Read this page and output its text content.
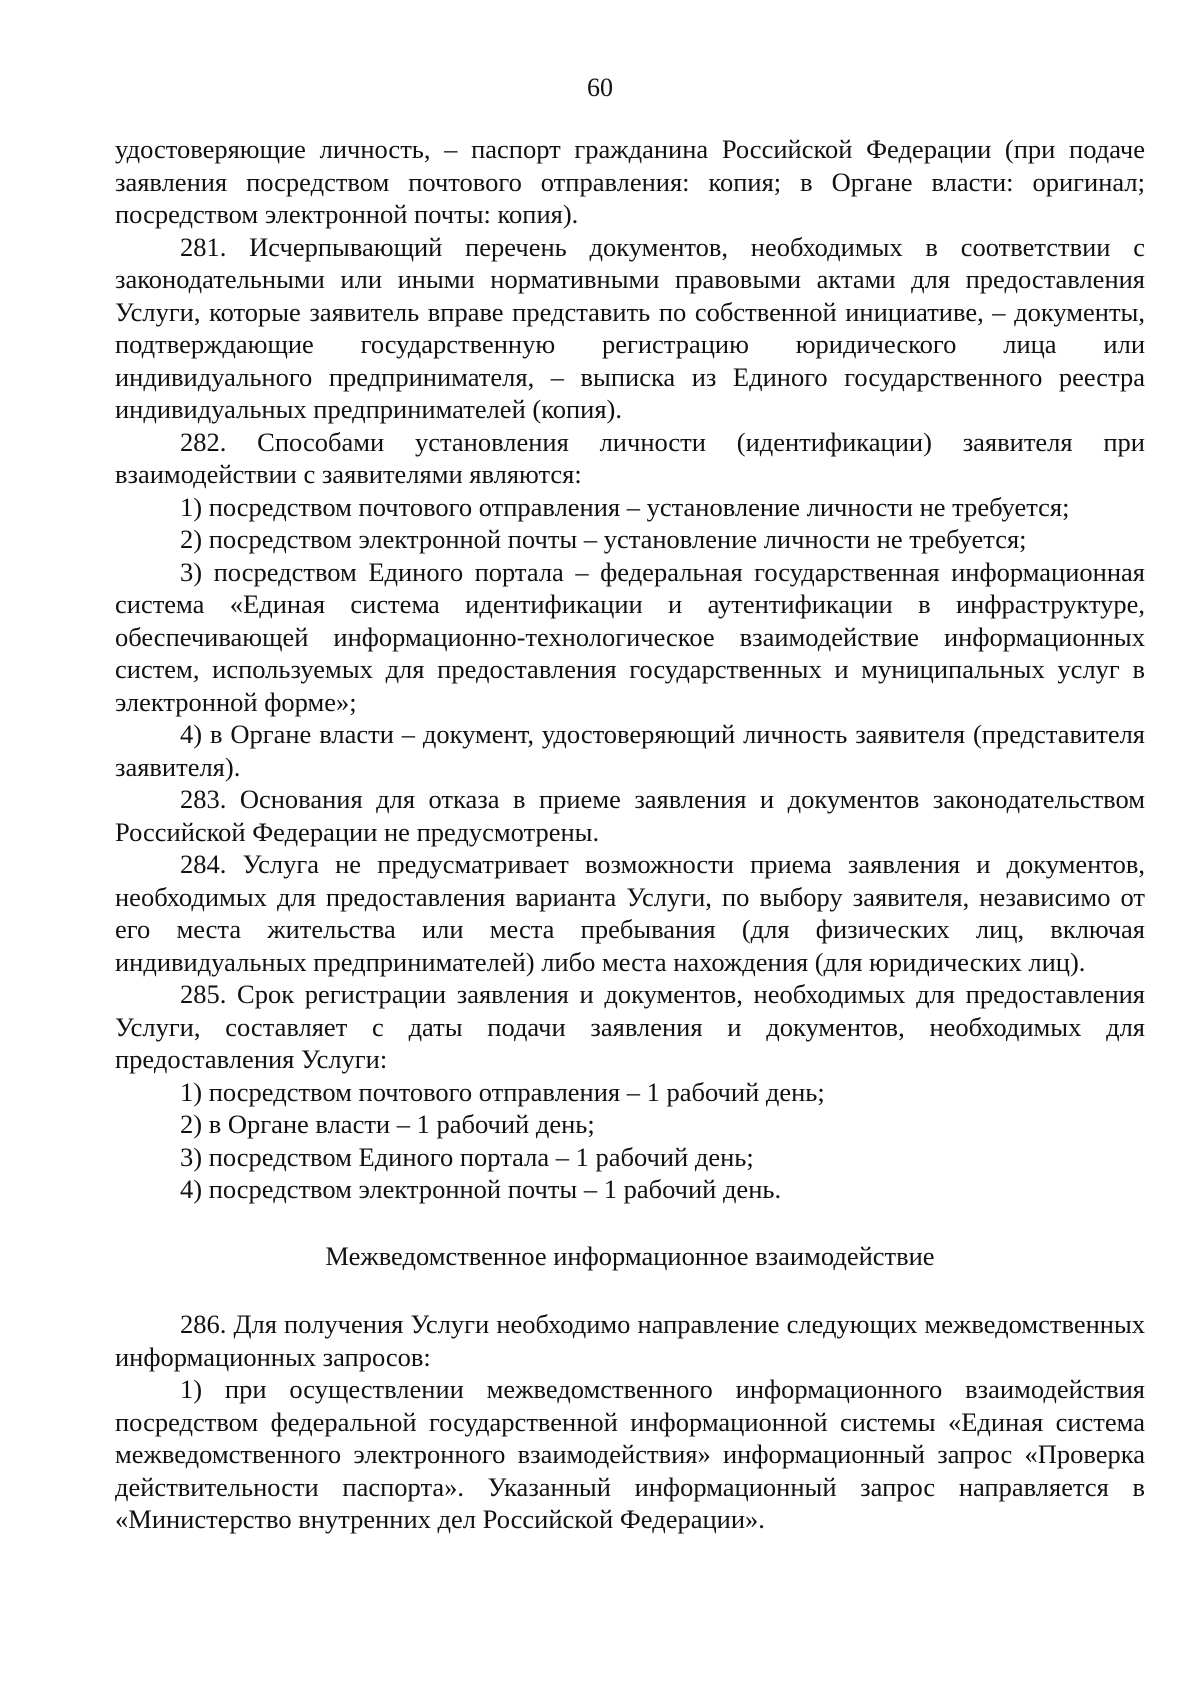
60

удостоверяющие личность, – паспорт гражданина Российской Федерации (при подаче заявления посредством почтового отправления: копия; в Органе власти: оригинал; посредством электронной почты: копия).

281. Исчерпывающий перечень документов, необходимых в соответствии с законодательными или иными нормативными правовыми актами для предоставления Услуги, которые заявитель вправе представить по собственной инициативе, – документы, подтверждающие государственную регистрацию юридического лица или индивидуального предпринимателя, – выписка из Единого государственного реестра индивидуальных предпринимателей (копия).

282. Способами установления личности (идентификации) заявителя при взаимодействии с заявителями являются:

1) посредством почтового отправления – установление личности не требуется;

2) посредством электронной почты – установление личности не требуется;

3) посредством Единого портала – федеральная государственная информационная система «Единая система идентификации и аутентификации в инфраструктуре, обеспечивающей информационно-технологическое взаимодействие информационных систем, используемых для предоставления государственных и муниципальных услуг в электронной форме»;

4) в Органе власти – документ, удостоверяющий личность заявителя (представителя заявителя).

283. Основания для отказа в приеме заявления и документов законодательством Российской Федерации не предусмотрены.

284. Услуга не предусматривает возможности приема заявления и документов, необходимых для предоставления варианта Услуги, по выбору заявителя, независимо от его места жительства или места пребывания (для физических лиц, включая индивидуальных предпринимателей) либо места нахождения (для юридических лиц).

285. Срок регистрации заявления и документов, необходимых для предоставления Услуги, составляет с даты подачи заявления и документов, необходимых для предоставления Услуги:

1) посредством почтового отправления – 1 рабочий день;

2) в Органе власти – 1 рабочий день;

3) посредством Единого портала – 1 рабочий день;

4) посредством электронной почты – 1 рабочий день.

Межведомственное информационное взаимодействие

286. Для получения Услуги необходимо направление следующих межведомственных информационных запросов:

1) при осуществлении межведомственного информационного взаимодействия посредством федеральной государственной информационной системы «Единая система межведомственного электронного взаимодействия» информационный запрос «Проверка действительности паспорта». Указанный информационный запрос направляется в «Министерство внутренних дел Российской Федерации».
